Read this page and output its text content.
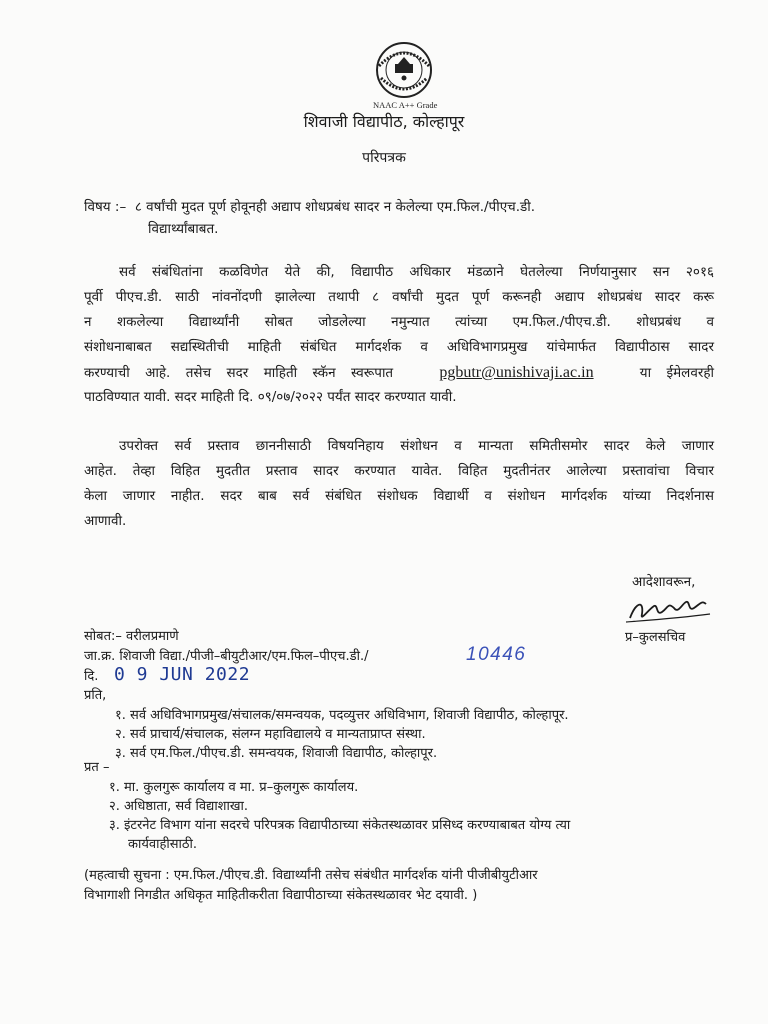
NAAC A++ Grade
शिवाजी विद्यापीठ, कोल्हापूर
परिपत्रक
विषय :– ८ वर्षांची मुदत पूर्ण होवूनही अद्याप शोधप्रबंध सादर न केलेल्या एम.फिल./पीएच.डी.
विद्यार्थ्यांबाबत.
सर्व संबंधितांना कळविणेत येते की, विद्यापीठ अधिकार मंडळाने घेतलेल्या निर्णयानुसार सन २०१६
पूर्वी पीएच.डी. साठी नांवनोंदणी झालेल्या तथापी ८ वर्षांची मुदत पूर्ण करूनही अद्याप शोधप्रबंध सादर करू
न शकलेल्या विद्यार्थ्यांनी सोबत जोडलेल्या नमुन्यात त्यांच्या एम.फिल./पीएच.डी. शोधप्रबंध व
संशोधनाबाबत सद्यस्थितीची माहिती संबंधित मार्गदर्शक व अधिविभागप्रमुख यांचेमार्फत विद्यापीठास सादर
करण्याची आहे. तसेच सदर माहिती स्कॅन स्वरूपात	pgbutr@unishivaji.ac.in	या ईमेलवरही
पाठविण्यात यावी. सदर माहिती दि. ०९/०७/२०२२ पर्यंत सादर करण्यात यावी.
उपरोक्त सर्व प्रस्ताव छाननीसाठी विषयनिहाय संशोधन व मान्यता समितीसमोर सादर केले जाणार
आहेत. तेव्हा विहित मुदतीत प्रस्ताव सादर करण्यात यावेत. विहित मुदतीनंतर आलेल्या प्रस्तावांचा विचार
केला जाणार नाहीत. सदर बाब सर्व संबंधित संशोधक विद्यार्थी व संशोधन मार्गदर्शक यांच्या निदर्शनास
आणावी.
आदेशावरून,
प्र–कुलसचिव
सोबत:– वरीलप्रमाणे
जा.क्र. शिवाजी विद्या./पीजी–बीयुटीआर/एम.फिल–पीएच.डी./	10446
दि. 0 9 JUN 2022
प्रति,
१. सर्व अधिविभागप्रमुख/संचालक/समन्वयक, पदव्युत्तर अधिविभाग, शिवाजी विद्यापीठ, कोल्हापूर.
२. सर्व प्राचार्य/संचालक, संलग्न महाविद्यालये व मान्यताप्राप्त संस्था.
३. सर्व एम.फिल./पीएच.डी. समन्वयक, शिवाजी विद्यापीठ, कोल्हापूर.
प्रत –
१. मा. कुलगुरू कार्यालय व मा. प्र–कुलगुरू कार्यालय.
२. अधिष्ठाता, सर्व विद्याशाखा.
३. इंटरनेट विभाग यांना सदरचे परिपत्रक विद्यापीठाच्या संकेतस्थळावर प्रसिध्द करण्याबाबत योग्य त्या
कार्यवाहीसाठी.
(महत्वाची सुचना : एम.फिल./पीएच.डी. विद्यार्थ्यांनी तसेच संबंधीत मार्गदर्शक यांनी पीजीबीयुटीआर
विभागाशी निगडीत अधिकृत माहितीकरीता विद्यापीठाच्या संकेतस्थळावर भेट दयावी. )
